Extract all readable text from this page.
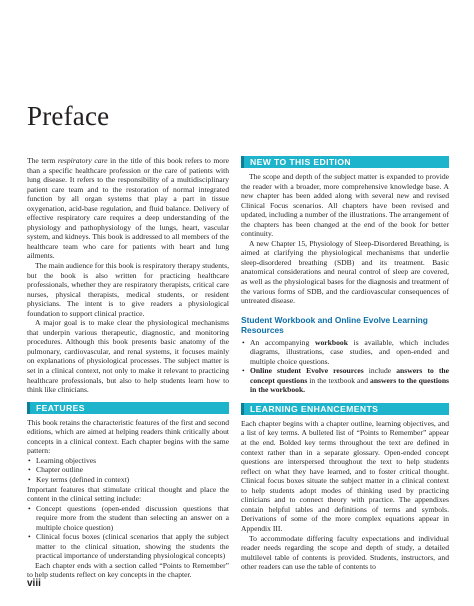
Preface

The term respiratory care in the title of this book refers to more than a specific healthcare profession or the care of patients with lung disease. It refers to the responsibility of a multidisciplinary patient care team and to the restoration of normal integrated function by all organ systems that play a part in tissue oxygenation, acid-base regulation, and fluid balance. Delivery of effective respiratory care requires a deep understanding of the physiology and pathophysiology of the lungs, heart, vascular system, and kidneys. This book is addressed to all members of the healthcare team who care for patients with heart and lung ailments.

The main audience for this book is respiratory therapy students, but the book is also written for practicing healthcare professionals, whether they are respiratory therapists, critical care nurses, physical therapists, medical students, or resident physicians. The intent is to give readers a physiological foundation to support clinical practice.

A major goal is to make clear the physiological mechanisms that underpin various therapeutic, diagnostic, and monitoring procedures. Although this book presents basic anatomy of the pulmonary, cardiovascular, and renal systems, it focuses mainly on explanations of physiological processes. The subject matter is set in a clinical context, not only to make it relevant to practicing healthcare professionals, but also to help students learn how to think like clinicians.

FEATURES

This book retains the characteristic features of the first and second editions, which are aimed at helping readers think critically about concepts in a clinical context. Each chapter begins with the same pattern:

• Learning objectives
• Chapter outline
• Key terms (defined in context)

Important features that stimulate critical thought and place the content in the clinical setting include:

• Concept questions (open-ended discussion questions that require more from the student than selecting an answer on a multiple choice question)
• Clinical focus boxes (clinical scenarios that apply the subject matter to the clinical situation, showing the students the practical importance of understanding physiological concepts)

Each chapter ends with a section called “Points to Remember” to help students reflect on key concepts in the chapter.

NEW TO THIS EDITION

The scope and depth of the subject matter is expanded to provide the reader with a broader, more comprehensive knowledge base. A new chapter has been added along with several new and revised Clinical Focus scenarios. All chapters have been revised and updated, including a number of the illustrations. The arrangement of the chapters has been changed at the end of the book for better continuity.

A new Chapter 15, Physiology of Sleep-Disordered Breathing, is aimed at clarifying the physiological mechanisms that underlie sleep-disordered breathing (SDB) and its treatment. Basic anatomical considerations and neural control of sleep are covered, as well as the physiological bases for the diagnosis and treatment of the various forms of SDB, and the cardiovascular consequences of untreated disease.

Student Workbook and Online Evolve Learning Resources
• An accompanying workbook is available, which includes diagrams, illustrations, case studies, and open-ended and multiple choice questions.
• Online student Evolve resources include answers to the concept questions in the textbook and answers to the questions in the workbook.
LEARNING ENHANCEMENTS

Each chapter begins with a chapter outline, learning objectives, and a list of key terms. A bulleted list of “Points to Remember” appear at the end. Bolded key terms throughout the text are defined in context rather than in a separate glossary. Open-ended concept questions are interspersed throughout the text to help students reflect on what they have learned, and to foster critical thought. Clinical focus boxes situate the subject matter in a clinical context to help students adopt modes of thinking used by practicing clinicians and to connect theory with practice. The appendixes contain helpful tables and definitions of terms and symbols. Derivations of some of the more complex equations appear in Appendix III.

To accommodate differing faculty expectations and individual reader needs regarding the scope and depth of study, a detailed multilevel table of contents is provided. Students, instructors, and other readers can use the table of contents to

viii
